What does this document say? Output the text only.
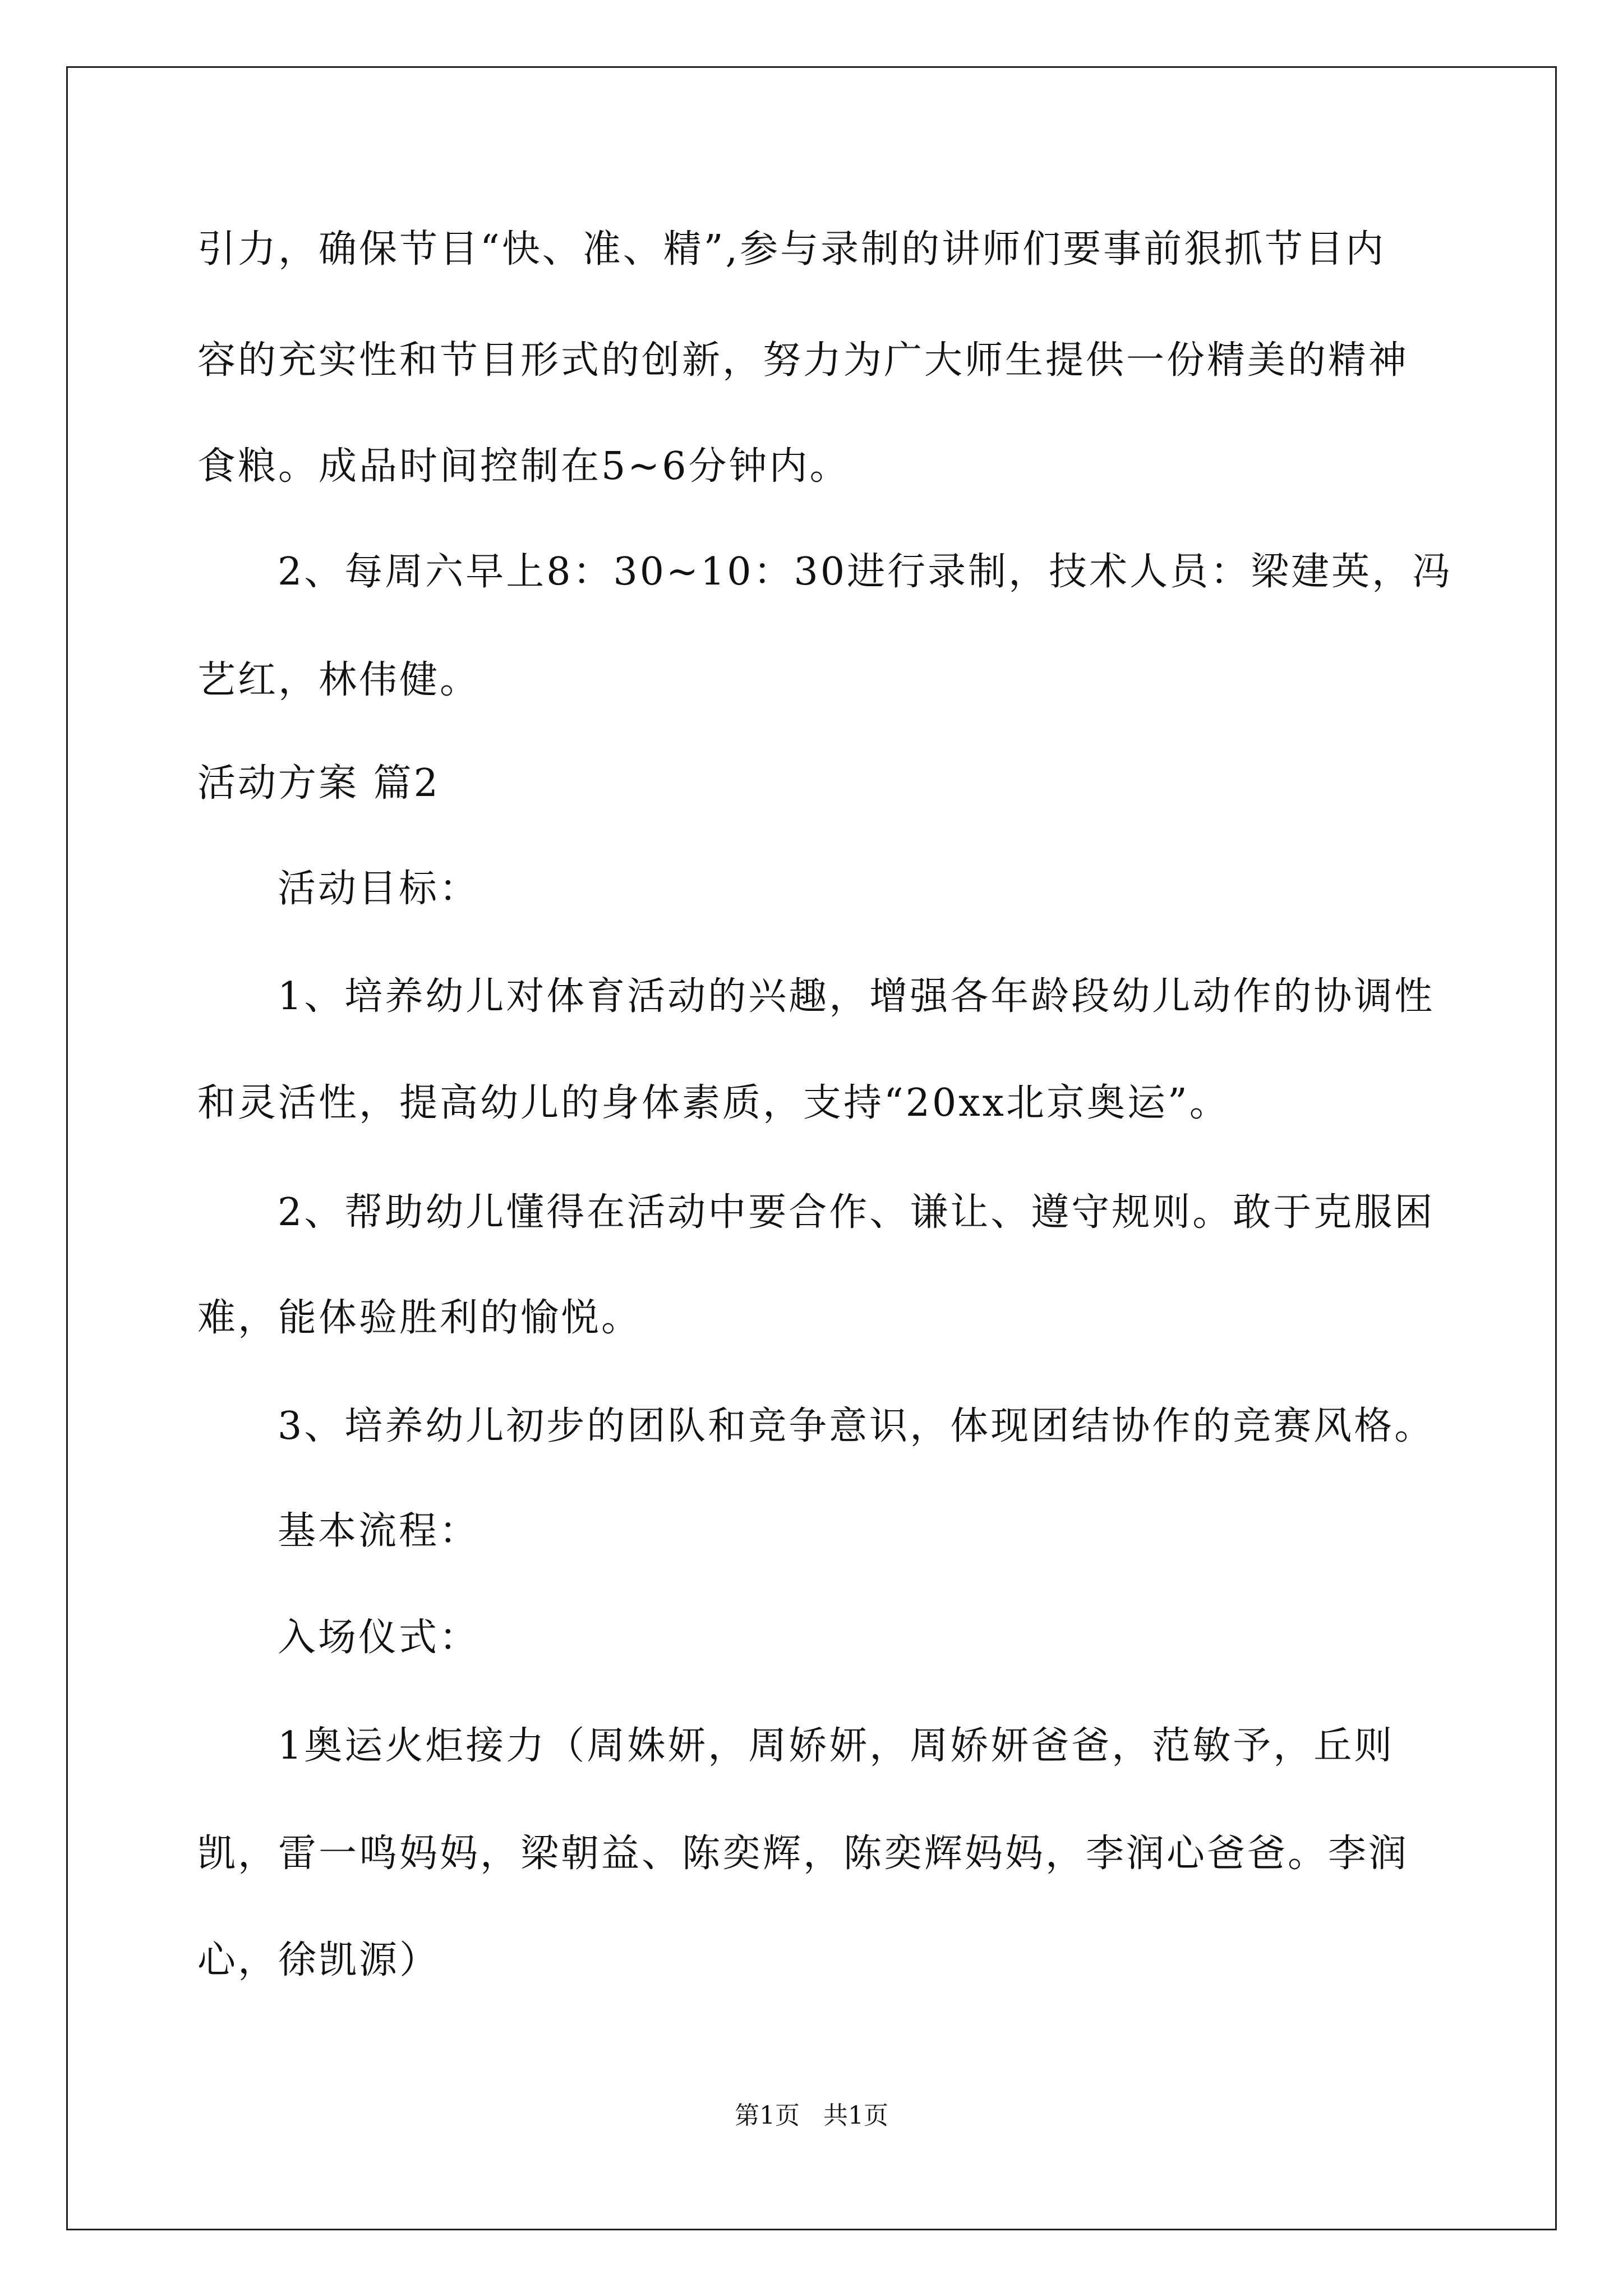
引力，确保节目“快、准、精”,参与录制的讲师们要事前狠抓节目内
容的充实性和节目形式的创新，努力为广大师生提供一份精美的精神
食粮。成品时间控制在5~6分钟内。
2、每周六早上8：30~10：30进行录制，技术人员：梁建英，冯
艺红，林伟健。
活动方案 篇2
活动目标：
1、培养幼儿对体育活动的兴趣，增强各年龄段幼儿动作的协调性
和灵活性，提高幼儿的身体素质，支持“20xx北京奥运”。
2、帮助幼儿懂得在活动中要合作、谦让、遵守规则。敢于克服困
难，能体验胜利的愉悦。
3、培养幼儿初步的团队和竞争意识，体现团结协作的竞赛风格。
基本流程：
入场仪式：
1奥运火炬接力（周姝妍，周娇妍，周娇妍爸爸，范敏予，丘则
凯，雷一鸣妈妈，梁朝益、陈奕辉，陈奕辉妈妈，李润心爸爸。李润
心，徐凯源）
第1页   共1页
